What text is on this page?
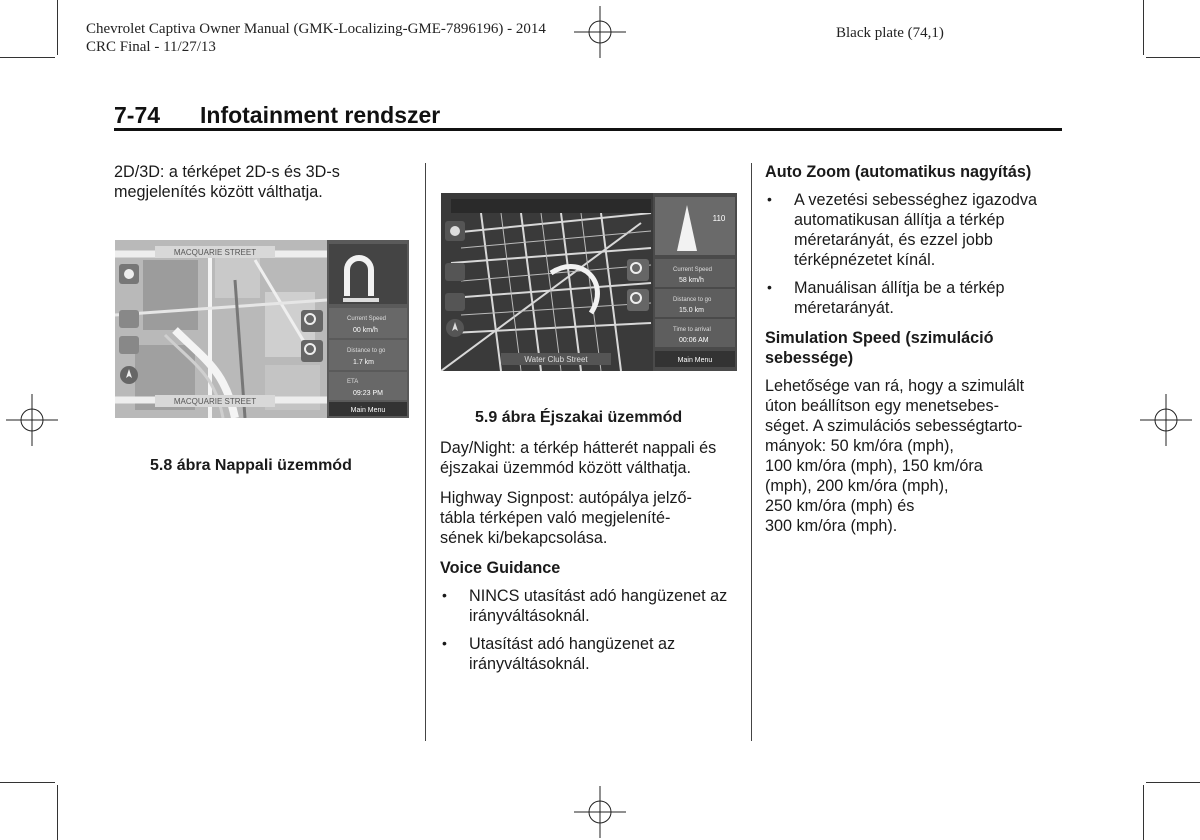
Chevrolet Captiva Owner Manual (GMK-Localizing-GME-7896196) - 2014
CRC Final - 11/27/13
Black plate (74,1)
7-74 Infotainment rendszer

2D/3D: a térképet 2D-s és 3D-s megjelenítés között válthatja.

MACQUARIE STREET
MACQUARIE STREET
Current Speed
00 km/h
Distance to go
1.7 km
ETA
09:23 PM
Main Menu
5.8 ábra Nappali üzemmód
Water Club Street
110
Current Speed
58 km/h
Distance to go
15.0 km
Time to arrival
00:06 AM
Main Menu
5.9 ábra Éjszakai üzemmód

Day/Night: a térkép hátterét nappali és éjszakai üzemmód között válthatja.

Highway Signpost: autópálya jelző-
tábla térképen való megjeleníté-
sének ki/bekapcsolása.

Voice Guidance
• NINCS utasítást adó hangüzenet az irányváltásoknál.
• Utasítást adó hangüzenet az irányváltásoknál.
Auto Zoom (automatikus nagyítás)
• A vezetési sebességhez igazodva automatikusan állítja a térkép méretarányát, és ezzel jobb térképnézetet kínál.
• Manuálisan állítja be a térkép méretarányát.
Simulation Speed (szimuláció sebessége)

Lehetősége van rá, hogy a szimulált
úton beállítson egy menetsebes-
séget. A szimulációs sebességtarto-
mányok: 50 km/óra (mph),
100 km/óra (mph), 150 km/óra
(mph), 200 km/óra (mph),
250 km/óra (mph) és
300 km/óra (mph).
